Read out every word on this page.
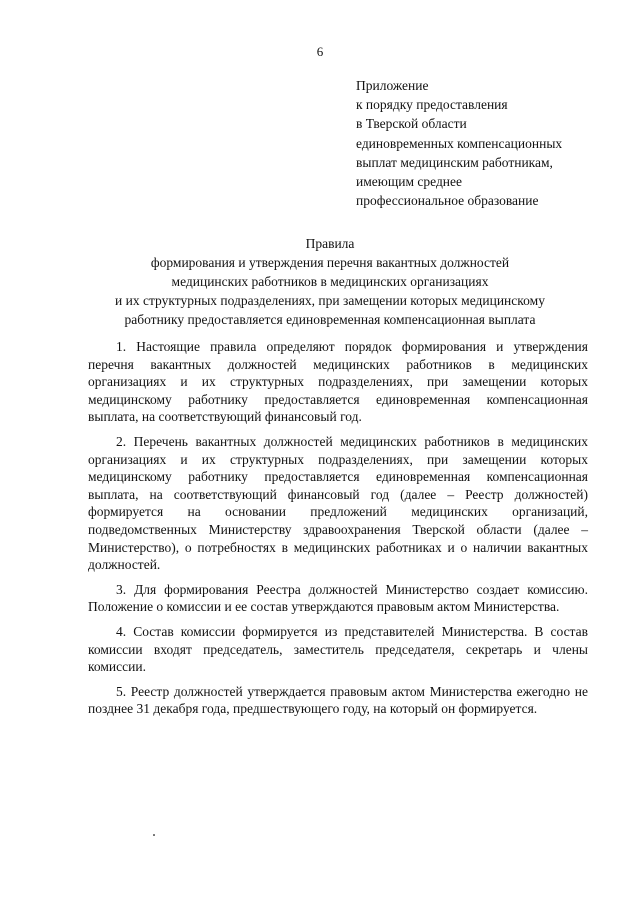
6
Приложение
к порядку предоставления
в Тверской области
единовременных компенсационных
выплат медицинским работникам,
имеющим среднее
профессиональное образование
Правила
формирования и утверждения перечня вакантных должностей
медицинских работников в медицинских организациях
и их структурных подразделениях, при замещении которых медицинскому
работнику предоставляется единовременная компенсационная выплата

1. Настоящие правила определяют порядок формирования и утверждения перечня вакантных должностей медицинских работников в медицинских организациях и их структурных подразделениях, при замещении которых медицинскому работнику предоставляется единовременная компенсационная выплата, на соответствующий финансовый год.

2. Перечень вакантных должностей медицинских работников в медицинских организациях и их структурных подразделениях, при замещении которых медицинскому работнику предоставляется единовременная компенсационная выплата, на соответствующий финансовый год (далее – Реестр должностей) формируется на основании предложений медицинских организаций, подведомственных Министерству здравоохранения Тверской области (далее – Министерство), о потребностях в медицинских работниках и о наличии вакантных должностей.

3. Для формирования Реестра должностей Министерство создает комиссию. Положение о комиссии и ее состав утверждаются правовым актом Министерства.

4. Состав комиссии формируется из представителей Министерства. В состав комиссии входят председатель, заместитель председателя, секретарь и члены комиссии.

5. Реестр должностей утверждается правовым актом Министерства ежегодно не позднее 31 декабря года, предшествующего году, на который он формируется.
